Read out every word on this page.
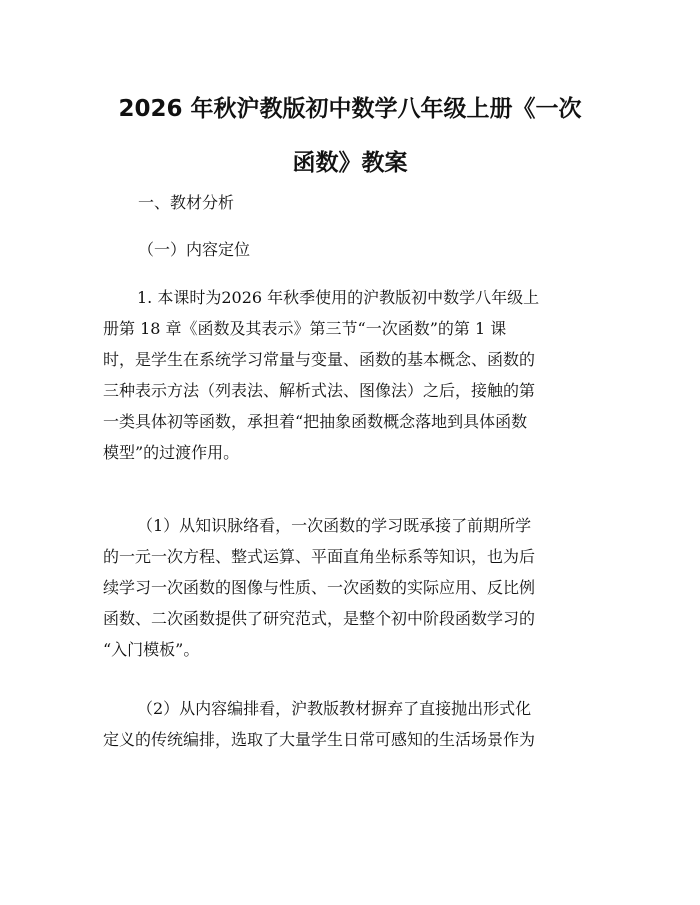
2026 年秋沪教版初中数学八年级上册《一次
函数》教案

一、教材分析

（一）内容定位

1. 本课时为2026 年秋季使用的沪教版初中数学八年级上
册第 18 章《函数及其表示》第三节“一次函数”的第 1 课
时，是学生在系统学习常量与变量、函数的基本概念、函数的
三种表示方法（列表法、解析式法、图像法）之后，接触的第
一类具体初等函数，承担着“把抽象函数概念落地到具体函数
模型”的过渡作用。
（1）从知识脉络看，一次函数的学习既承接了前期所学
的一元一次方程、整式运算、平面直角坐标系等知识，也为后
续学习一次函数的图像与性质、一次函数的实际应用、反比例
函数、二次函数提供了研究范式，是整个初中阶段函数学习的
“入门模板”。
（2）从内容编排看，沪教版教材摒弃了直接抛出形式化
定义的传统编排，选取了大量学生日常可感知的生活场景作为
